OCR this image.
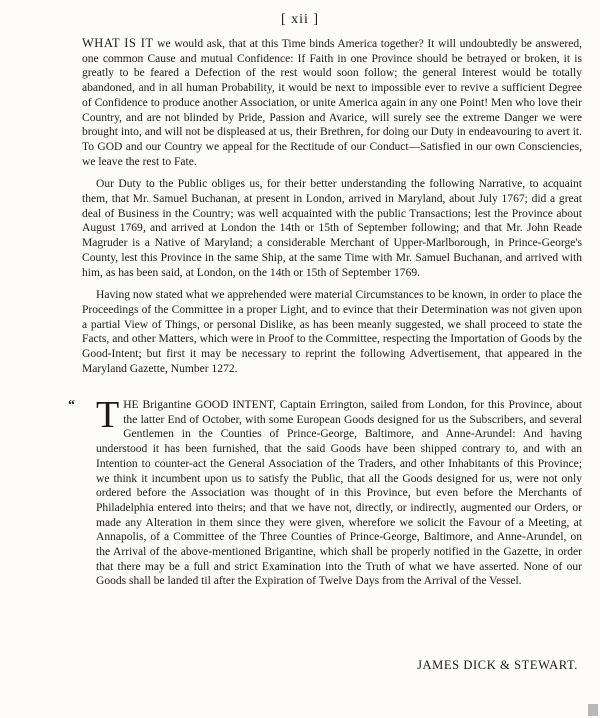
[ xii ]

WHAT IS IT we would ask, that at this Time binds America together? It will undoubtedly be answered, one common Cause and mutual Confidence: If Faith in one Province should be betrayed or broken, it is greatly to be feared a Defection of the rest would soon follow; the general Interest would be totally abandoned, and in all human Probability, it would be next to impossible ever to revive a sufficient Degree of Confidence to produce another Association, or unite America again in any one Point! Men who love their Country, and are not blinded by Pride, Passion and Avarice, will surely see the extreme Danger we were brought into, and will not be displeased at us, their Brethren, for doing our Duty in endeavouring to avert it. To GOD and our Country we appeal for the Rectitude of our Conduct—Satisfied in our own Consciencies, we leave the rest to Fate.

Our Duty to the Public obliges us, for their better understanding the following Narrative, to acquaint them, that Mr. Samuel Buchanan, at present in London, arrived in Maryland, about July 1767; did a great deal of Business in the Country; was well acquainted with the public Transactions; lest the Province about August 1769, and arrived at London the 14th or 15th of September following; and that Mr. John Reade Magruder is a Native of Maryland; a considerable Merchant of Upper-Marlborough, in Prince-George's County, lest this Province in the same Ship, at the same Time with Mr. Samuel Buchanan, and arrived with him, as has been said, at London, on the 14th or 15th of September 1769.

Having now stated what we apprehended were material Circumstances to be known, in order to place the Proceedings of the Committee in a proper Light, and to evince that their Determination was not given upon a partial View of Things, or personal Dislike, as has been meanly suggested, we shall proceed to state the Facts, and other Matters, which were in Proof to the Committee, respecting the Importation of Goods by the Good-Intent; but first it may be necessary to reprint the following Advertisement, that appeared in the Maryland Gazette, Number 1272.

“ THE Brigantine GOOD INTENT, Captain Errington, sailed from London, for this Province, about the latter End of October, with some European Goods designed for us the Subscribers, and several Gentlemen in the Counties of Prince-George, Baltimore, and Anne-Arundel: And having understood it has been furnished, that the said Goods have been shipped contrary to, and with an Intention to counter-act the General Association of the Traders, and other Inhabitants of this Province; we think it incumbent upon us to satisfy the Public, that all the Goods designed for us, were not only ordered before the Association was thought of in this Province, but even before the Merchants of Philadelphia entered into theirs; and that we have not, directly, or indirectly, augmented our Orders, or made any Alteration in them since they were given, wherefore we solicit the Favour of a Meeting, at Annapolis, of a Committee of the Three Counties of Prince-George, Baltimore, and Anne-Arundel, on the Arrival of the above-mentioned Brigantine, which shall be properly notified in the Gazette, in order that there may be a full and strict Examination into the Truth of what we have asserted. None of our Goods shall be landed til after the Expiration of Twelve Days from the Arrival of the Vessel.

JAMES DICK & STEWART.
